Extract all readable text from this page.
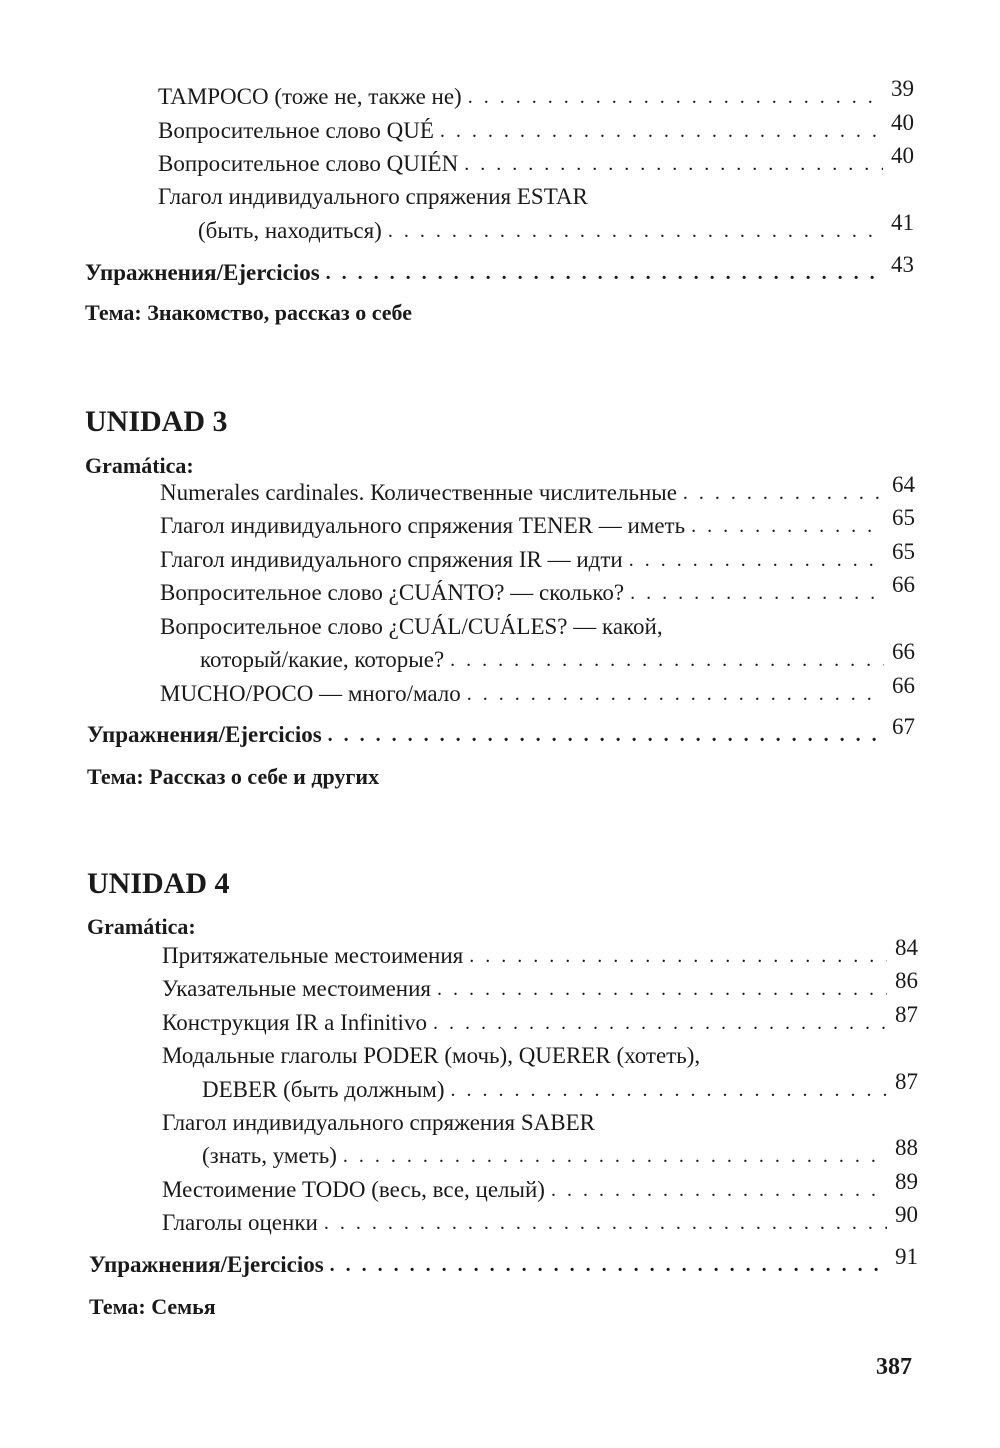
TAMPOCO (тоже не, также не) . . .	39
Вопросительное слово QUÉ . . .	40
Вопросительное слово QUIÉN . . .	40
Глагол индивидуального спряжения ESTAR
(быть, находиться) . . .	41
Упражнения/Ejercicios . . .	43
Тема: Знакомство, рассказ о себе
UNIDAD 3
Gramática:
Numerales cardinales. Количественные числительные . . .	64
Глагол индивидуального спряжения TENER — иметь . . .	65
Глагол индивидуального спряжения IR — идти . . .	65
Вопросительное слово ¿CUÁNTO? — сколько? . . .	66
Вопросительное слово ¿CUÁL/CUÁLES? — какой,
который/какие, которые? . . .	66
MUCHO/POCO — много/мало . . .	66
Упражнения/Ejercicios . . .	67
Тема: Рассказ о себе и других
UNIDAD 4
Gramática:
Притяжательные местоимения . . .	84
Указательные местоимения . . .	86
Конструкция IR a Infinitivo . . .	87
Модальные глаголы PODER (мочь), QUERER (хотеть),
DEBER (быть должным) . . .	87
Глагол индивидуального спряжения SABER
(знать, уметь) . . .	88
Местоимение TODO (весь, все, целый) . . .	89
Глаголы оценки . . .	90
Упражнения/Ejercicios . . .	91
Тема: Семья
387
